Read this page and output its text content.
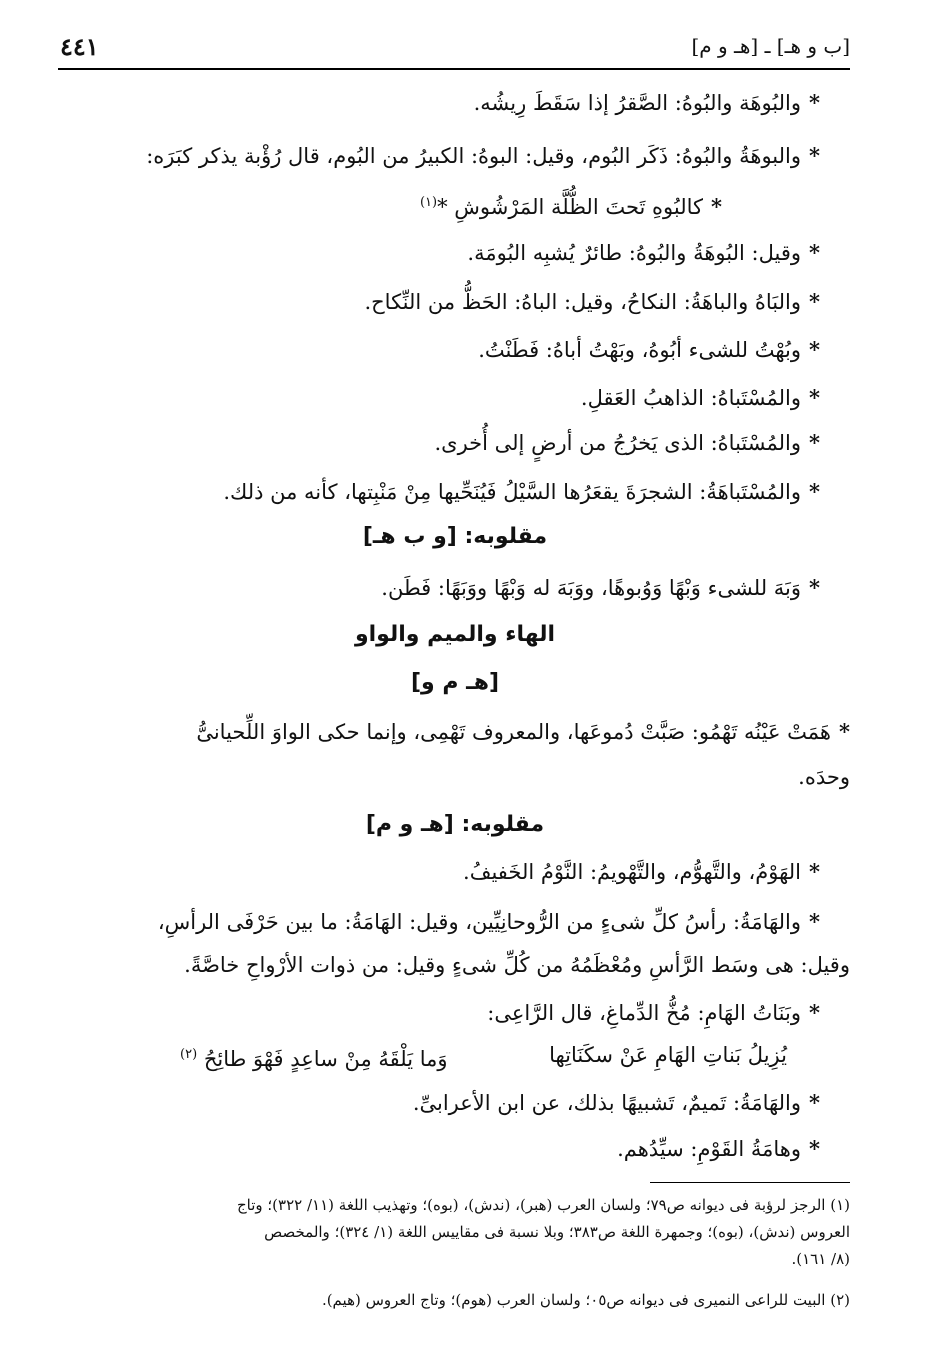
[ب و هـ] ـ [هـ و م]
٤٤١
*والبُوهَة والبُوهُ: الصَّقرُ إذا سَقَطَ رِيشُه.
*والبوهَةُ والبُوهُ: ذَكَر البُوم، وقيل: البوهُ: الكبيرُ من البُوم، قال رُؤْبة يذكر كبَرَه:
*كالبُوهِ تَحتَ الظُّلَّة المَرْشُوشِ *$^{(١)}$
*وقيل: البُوهَةُ والبُوهُ: طائرٌ يُشبِه البُومَة.
*والبَاهُ والباهَةُ: النكاحُ، وقيل: الباهُ: الحَظُّ من النِّكاح.
*وبُهْتُ للشىء أبُوهُ، وبَهْتُ أباهُ: فَطَنْتُ.
*والمُسْتَباهُ: الذاهبُ العَقلِ.
*والمُسْتَباهُ: الذى يَخرُجُ من أرضٍ إلى أُخرى.
*والمُسْتَباهَةُ: الشجرَةَ يقعَرُها السَّيْلُ فَيُنَحِّيها مِنْ مَنْبِتها، كأنه من ذلك.
مقلوبه: [و ب هـ]
*وَبَهَ للشىء وَبْهًا وَوُبوهًا، ووَبَهَ له وَبْهًا ووَبَهًا: فَطَن.
الهاء والميم والواو
[هـ م و]
*هَمَتْ عَيْنُه تَهْمُو: صَبَّتْ دُموعَها، والمعروف تَهْمِى، وإنما حكى الواوَ اللِّحيانىُّ
وحدَه.
مقلوبه: [هـ و م]
*الهَوْمُ، والتَّهوُّم، والتَّهْويمُ: النَّوْمُ الخَفيفُ.
*والهَامَةُ: رأسُ كلِّ شىءٍ من الرُّوحانِيِّين، وقيل: الهَامَةُ: ما بين حَرْفَى الرأسِ،
وقيل: هى وسَط الرَّأسِ ومُعْظَمُهُ من كُلِّ شىءٍ وقيل: من ذوات الأرْواحِ خاصَّةً.
*وبَنَاتُ الهَامِ: مُخُّ الدِّماغِ، قال الرَّاعِى:
يُزِيلُ بَناتِ الهَامِ عَنْ سكَنَاتِها
وَما يَلْقَهُ مِنْ ساعِدٍ فَهْوَ طائِحُ $^{(٢)}$
*والهَامَةُ: تَميمٌ، تَشبيهًا بذلك، عن ابن الأعرابىِّ.
*وهامَةُ القَوْمِ: سيِّدُهم.
(١) الرجز لرؤبة فى ديوانه ص٧٩؛ ولسان العرب (هبر)، (ندش)، (بوه)؛ وتهذيب اللغة (١١/ ٣٢٢)؛ وتاج
العروس (ندش)، (بوه)؛ وجمهرة اللغة ص٣٨٣؛ وبلا نسبة فى مقاييس اللغة (١/ ٣٢٤)؛ والمخصص
(٨/ ١٦١).
(٢) البيت للراعى النميرى فى ديوانه ص٠٥؛ ولسان العرب (هوم)؛ وتاج العروس (هيم).
